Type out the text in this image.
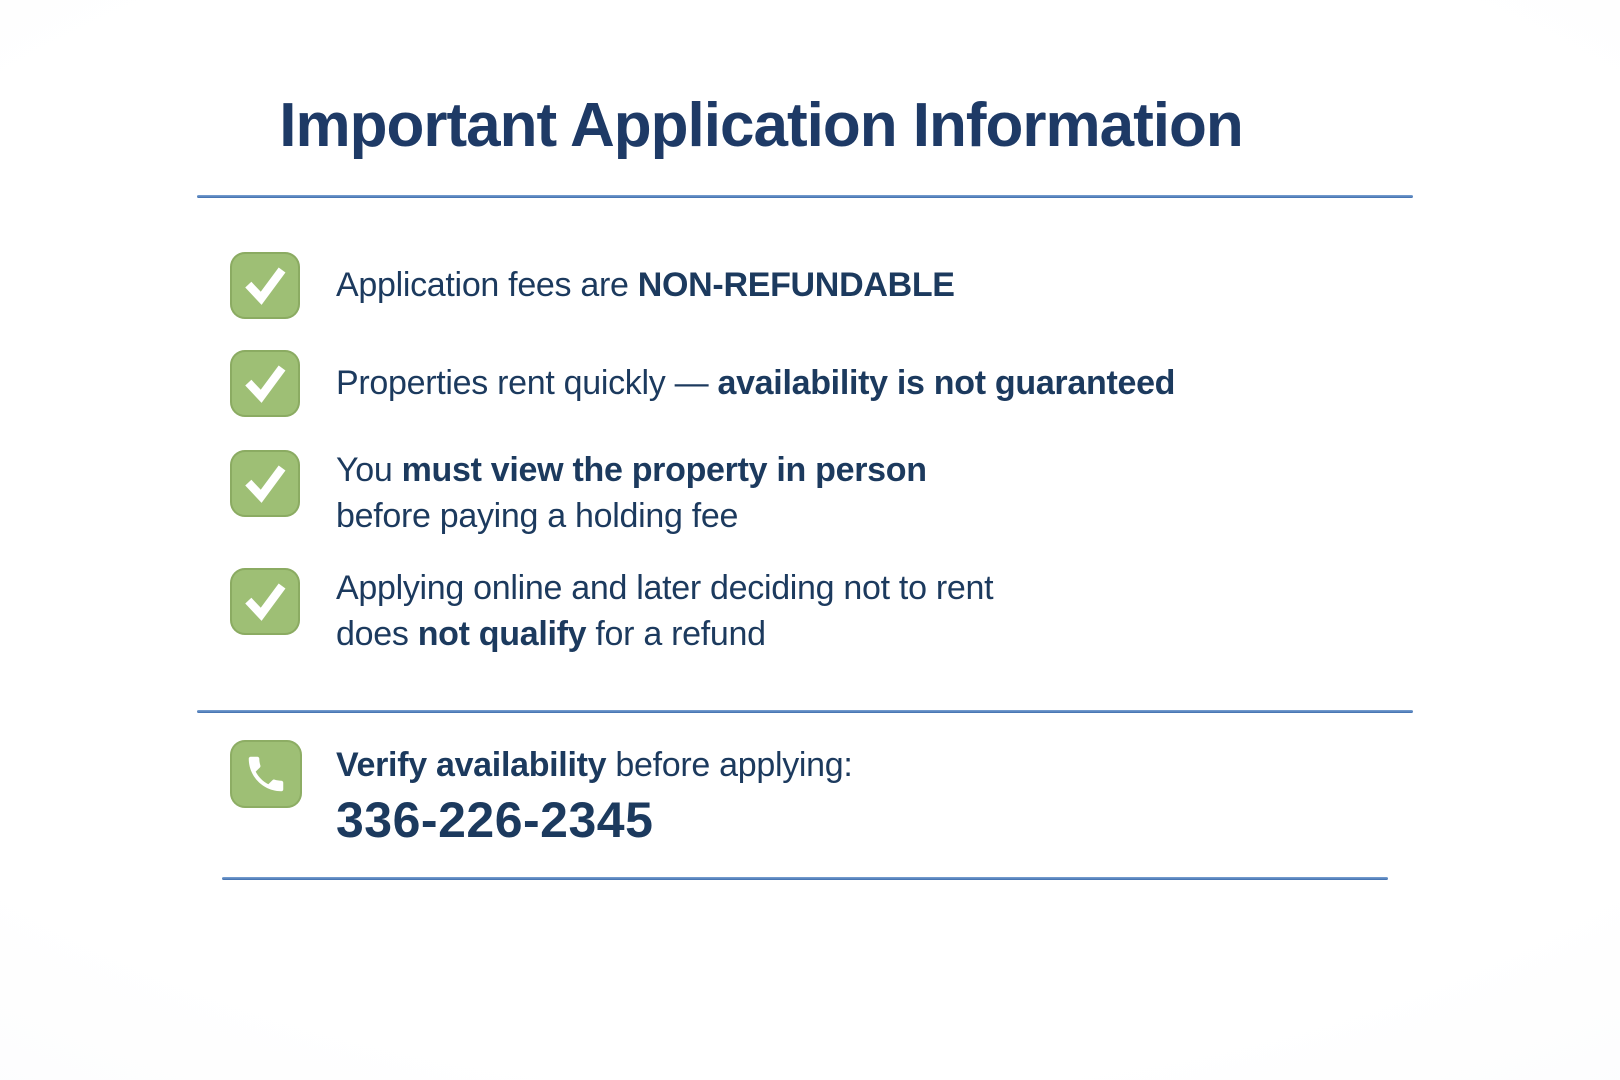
Important Application Information

Application fees are NON-REFUNDABLE

Properties rent quickly — availability is not guaranteed

You must view the property in person
before paying a holding fee

Applying online and later deciding not to rent
does not qualify for a refund

Verify availability before applying:

336-226-2345
